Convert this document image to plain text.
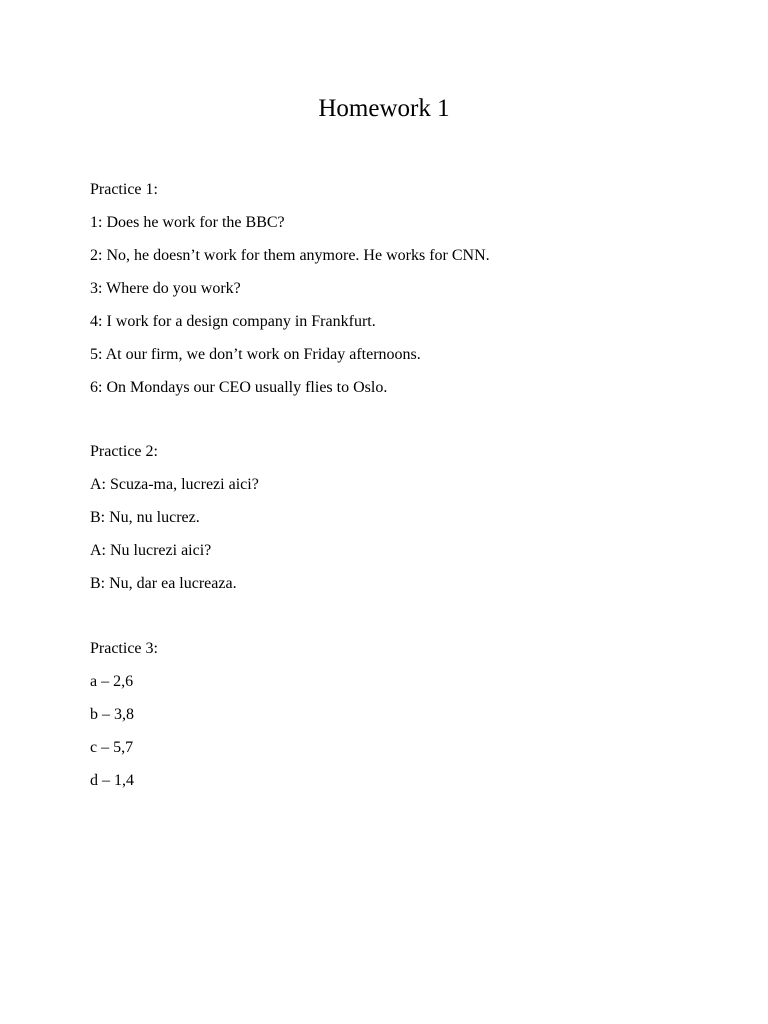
Homework 1
Practice 1:
1: Does he work for the BBC?
2: No, he doesn’t work for them anymore. He works for CNN.
3: Where do you work?
4: I work for a design company in Frankfurt.
5: At our firm, we don’t work on Friday afternoons.
6: On Mondays our CEO usually flies to Oslo.
Practice 2:
A: Scuza-ma, lucrezi aici?
B: Nu, nu lucrez.
A: Nu lucrezi aici?
B: Nu, dar ea lucreaza.
Practice 3:
a – 2,6
b – 3,8
c – 5,7
d – 1,4
